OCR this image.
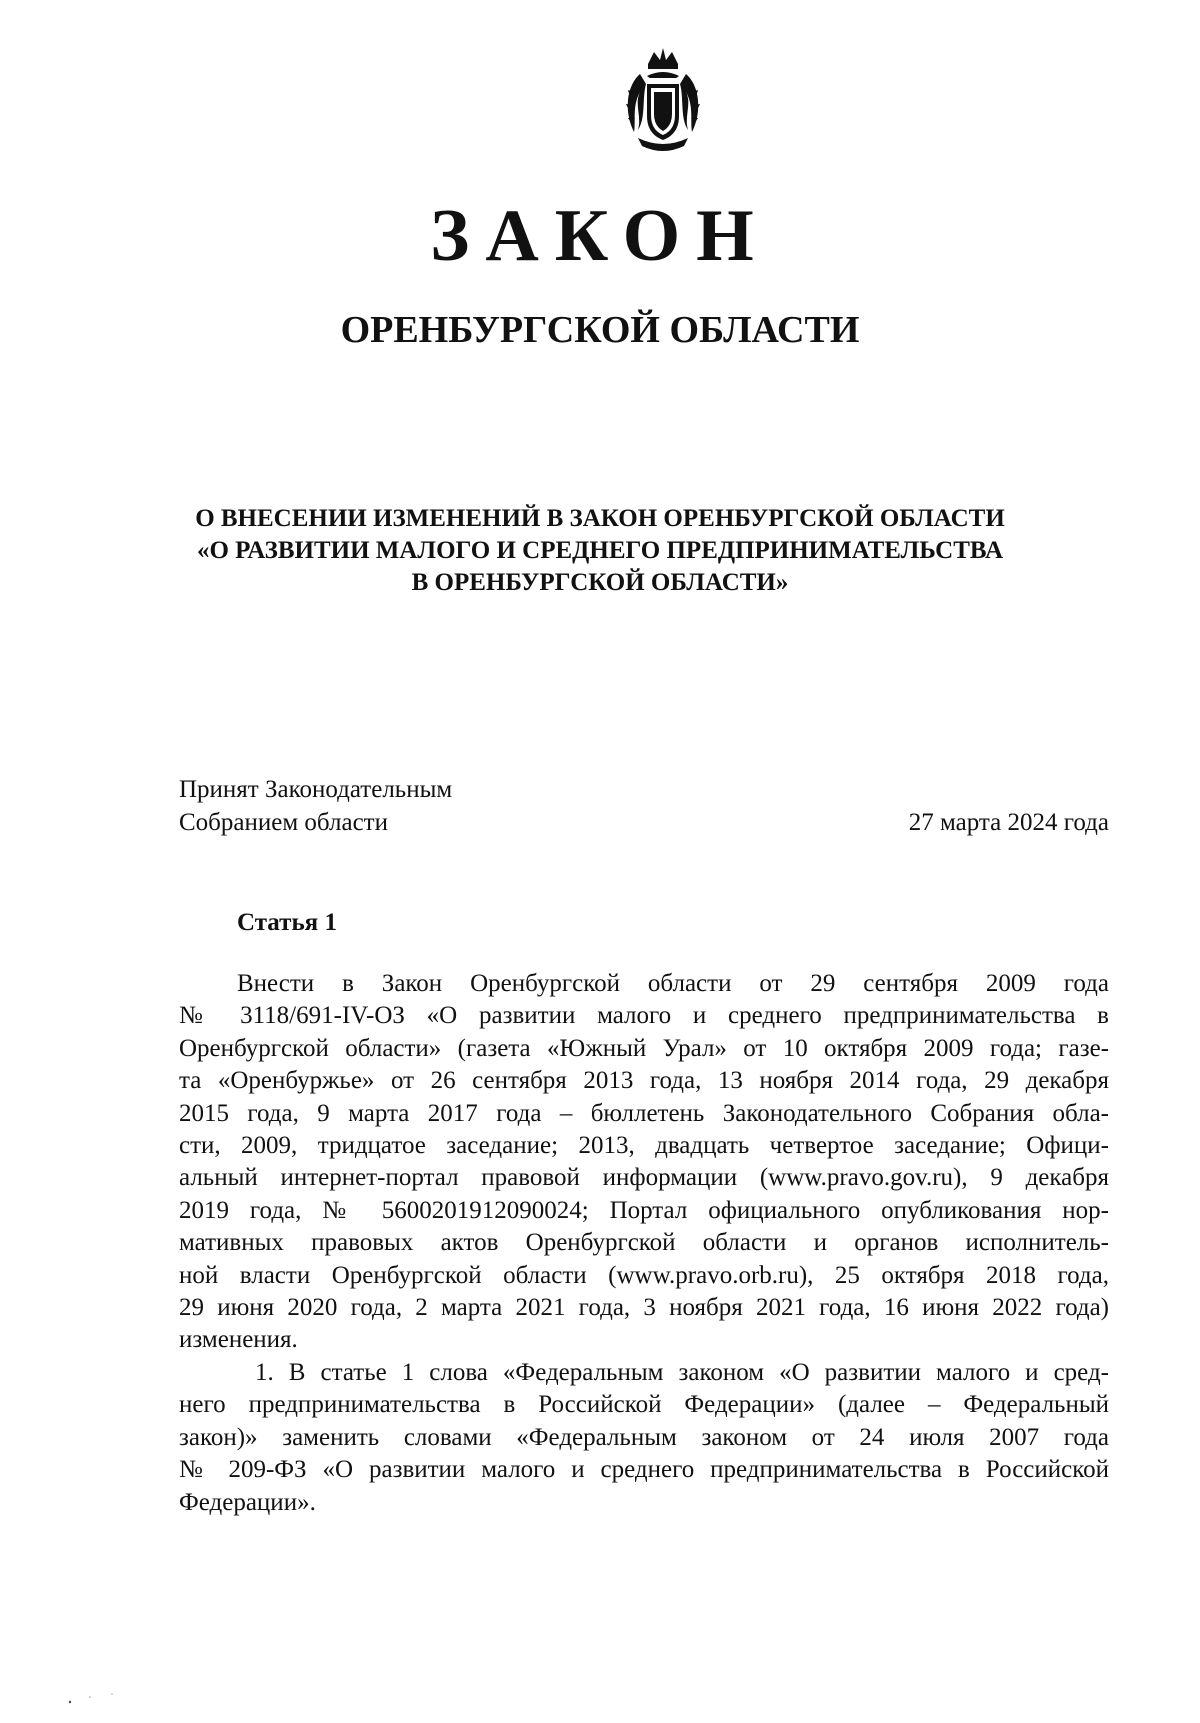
ЗАКОН
ОРЕНБУРГСКОЙ ОБЛАСТИ
О ВНЕСЕНИИ ИЗМЕНЕНИЙ В ЗАКОН ОРЕНБУРГСКОЙ ОБЛАСТИ
«О РАЗВИТИИ МАЛОГО И СРЕДНЕГО ПРЕДПРИНИМАТЕЛЬСТВА
В ОРЕНБУРГСКОЙ ОБЛАСТИ»
Принят Законодательным
Собранием области	27 марта 2024 года
Статья 1
Внести в Закон Оренбургской области от 29 сентября 2009 года
№ 3118/691-IV-ОЗ «О развитии малого и среднего предпринимательства в
Оренбургской области» (газета «Южный Урал» от 10 октября 2009 года; газе-
та «Оренбуржье» от 26 сентября 2013 года, 13 ноября 2014 года, 29 декабря
2015 года, 9 марта 2017 года – бюллетень Законодательного Собрания обла-
сти, 2009, тридцатое заседание; 2013, двадцать четвертое заседание; Офици-
альный интернет-портал правовой информации (www.pravo.gov.ru), 9 декабря
2019 года, № 5600201912090024; Портал официального опубликования нор-
мативных правовых актов Оренбургской области и органов исполнитель-
ной власти Оренбургской области (www.pravo.orb.ru), 25 октября 2018 года,
29 июня 2020 года, 2 марта 2021 года, 3 ноября 2021 года, 16 июня 2022 года)
изменения.
1. В статье 1 слова «Федеральным законом «О развитии малого и сред-
него предпринимательства в Российской Федерации» (далее – Федеральный
закон)» заменить словами «Федеральным законом от 24 июля 2007 года
№ 209-ФЗ «О развитии малого и среднего предпринимательства в Российской
Федерации».
